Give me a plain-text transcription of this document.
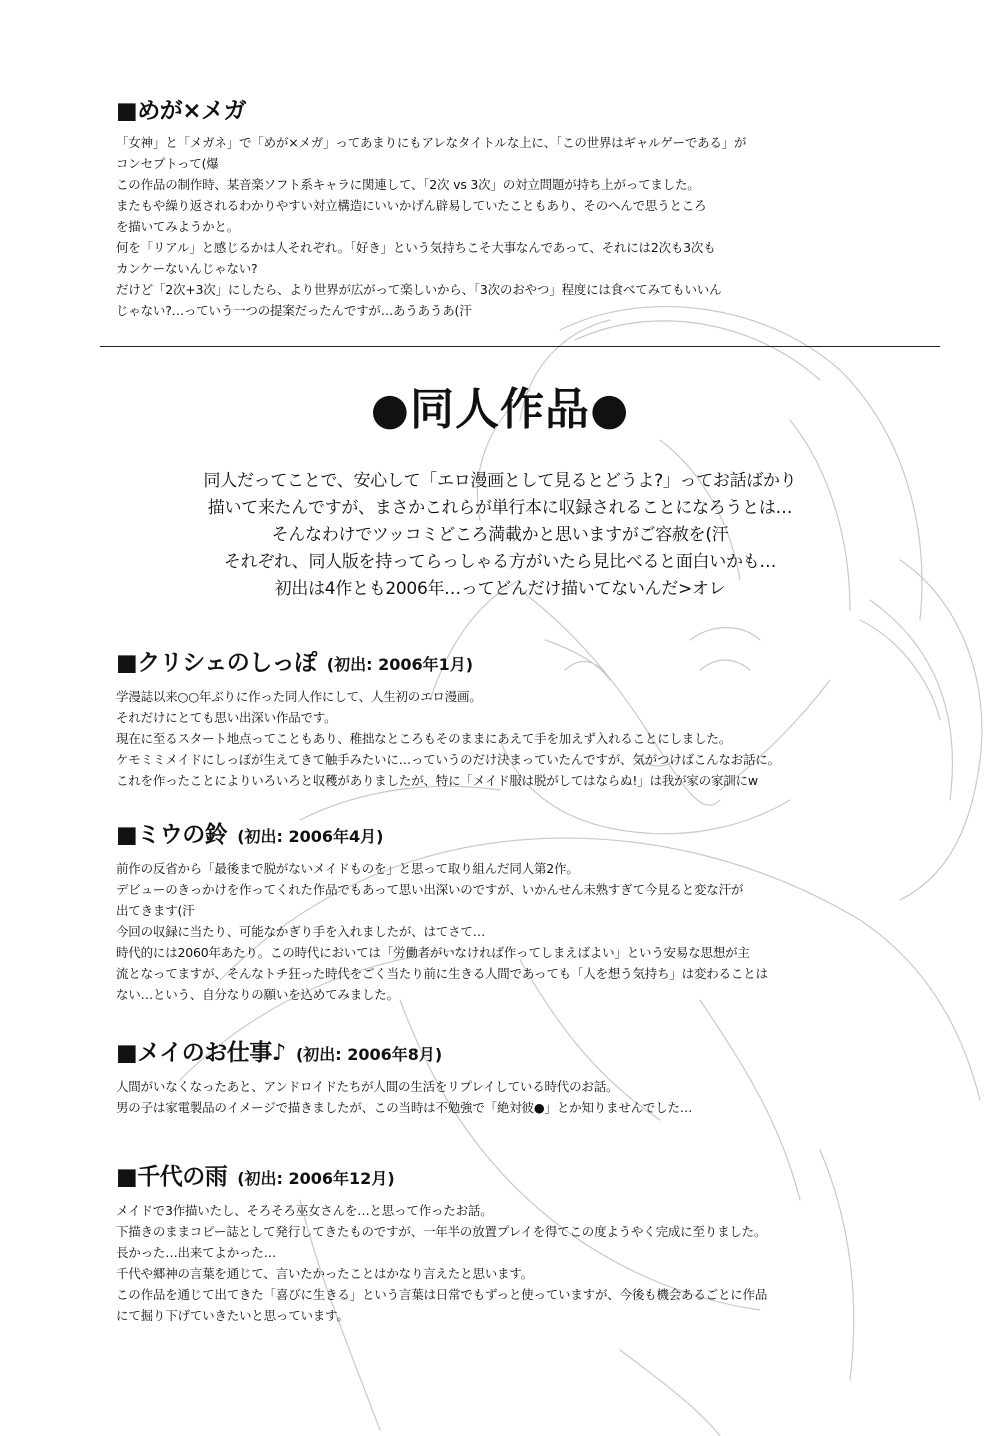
■めが×メガ

「女神」と「メガネ」で「めが×メガ」ってあまりにもアレなタイトルな上に、「この世界はギャルゲーである」が

コンセプトって(爆

この作品の制作時、某音楽ソフト系キャラに関連して、「2次 vs 3次」の対立問題が持ち上がってました。

またもや繰り返されるわかりやすい対立構造にいいかげん辟易していたこともあり、そのへんで思うところ

を描いてみようかと。

何を「リアル」と感じるかは人それぞれ。「好き」という気持ちこそ大事なんであって、それには2次も3次も

カンケーないんじゃない?

だけど「2次+3次」にしたら、より世界が広がって楽しいから、「3次のおやつ」程度には食べてみてもいいん

じゃない?…っていう一つの提案だったんですが…あうあうあ(汗

●同人作品●

同人だってことで、安心して「エロ漫画として見るとどうよ?」ってお話ばかり

描いて来たんですが、まさかこれらが単行本に収録されることになろうとは…

そんなわけでツッコミどころ満載かと思いますがご容赦を(汗

それぞれ、同人版を持ってらっしゃる方がいたら見比べると面白いかも…

初出は4作とも2006年…ってどんだけ描いてないんだ>オレ

■クリシェのしっぽ (初出: 2006年1月)

学漫誌以来○○年ぶりに作った同人作にして、人生初のエロ漫画。

それだけにとても思い出深い作品です。

現在に至るスタート地点ってこともあり、稚拙なところもそのままにあえて手を加えず入れることにしました。

ケモミミメイドにしっぽが生えてきて触手みたいに…っていうのだけ決まっていたんですが、気がつけばこんなお話に。

これを作ったことによりいろいろと収穫がありましたが、特に「メイド服は脱がしてはならぬ!」は我が家の家訓にw

■ミウの鈴 (初出: 2006年4月)

前作の反省から「最後まで脱がないメイドものを」と思って取り組んだ同人第2作。

デビューのきっかけを作ってくれた作品でもあって思い出深いのですが、いかんせん未熟すぎて今見ると変な汗が

出てきます(汗

今回の収録に当たり、可能なかぎり手を入れましたが、はてさて…

時代的には2060年あたり。この時代においては「労働者がいなければ作ってしまえばよい」という安易な思想が主

流となってますが、そんなトチ狂った時代をごく当たり前に生きる人間であっても「人を想う気持ち」は変わることは

ない…という、自分なりの願いを込めてみました。

■メイのお仕事♪ (初出: 2006年8月)

人間がいなくなったあと、アンドロイドたちが人間の生活をリプレイしている時代のお話。

男の子は家電製品のイメージで描きましたが、この当時は不勉強で「絶対彼●」とか知りませんでした…

■千代の雨 (初出: 2006年12月)

メイドで3作描いたし、そろそろ巫女さんを…と思って作ったお話。

下描きのままコピー誌として発行してきたものですが、一年半の放置プレイを得てこの度ようやく完成に至りました。

長かった…出来てよかった…

千代や郷神の言葉を通じて、言いたかったことはかなり言えたと思います。

この作品を通じて出てきた「喜びに生きる」という言葉は日常でもずっと使っていますが、今後も機会あるごとに作品

にて掘り下げていきたいと思っています。
